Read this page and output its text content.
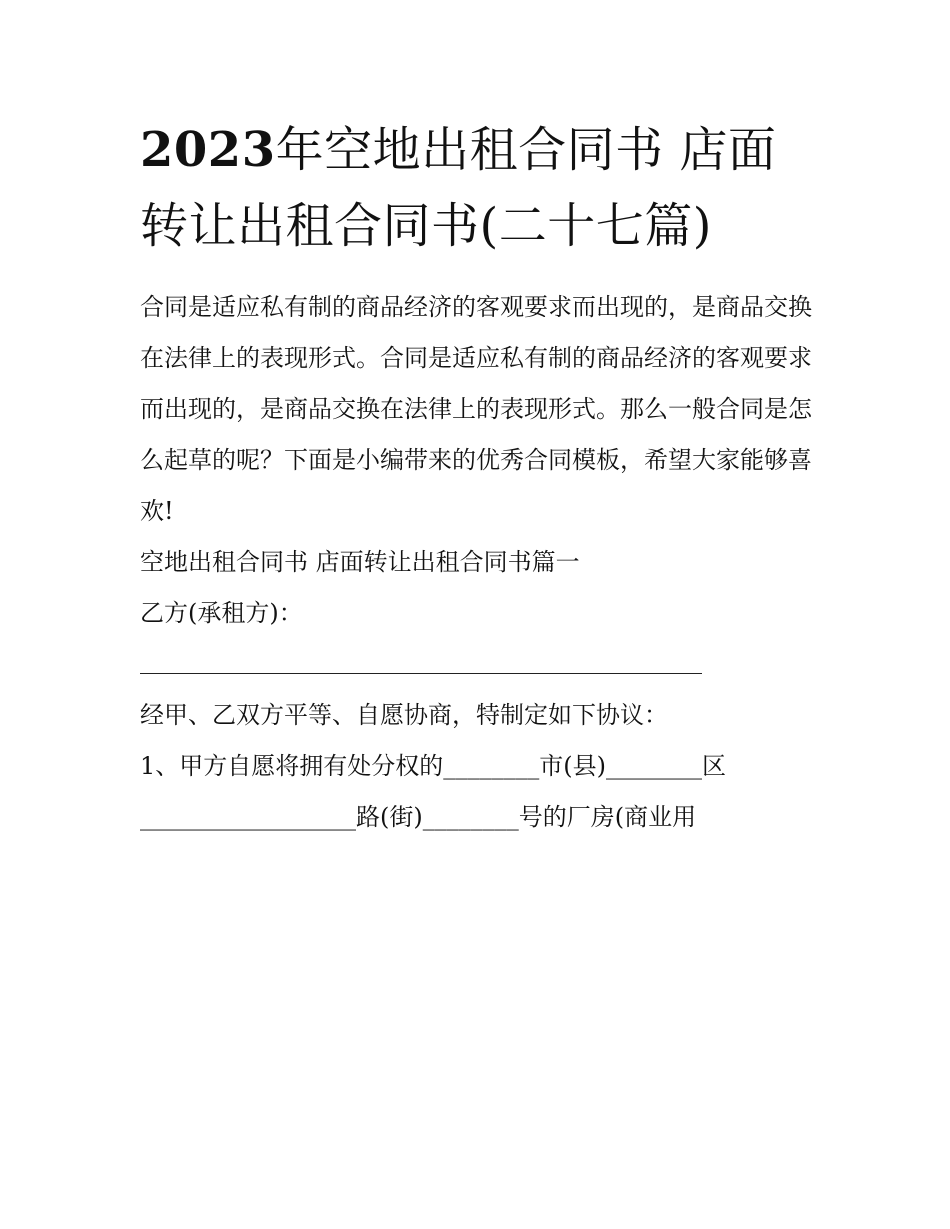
2023年空地出租合同书 店面
转让出租合同书(二十七篇)

合同是适应私有制的商品经济的客观要求而出现的，是商品交换在法律上的表现形式。合同是适应私有制的商品经济的客观要求而出现的，是商品交换在法律上的表现形式。那么一般合同是怎么起草的呢？下面是小编带来的优秀合同模板，希望大家能够喜欢!

空地出租合同书 店面转让出租合同书篇一

乙方(承租方)：

经甲、乙双方平等、自愿协商，特制定如下协议：

1、甲方自愿将拥有处分权的________市(县)________区

__________________路(街)________号的厂房(商业用
